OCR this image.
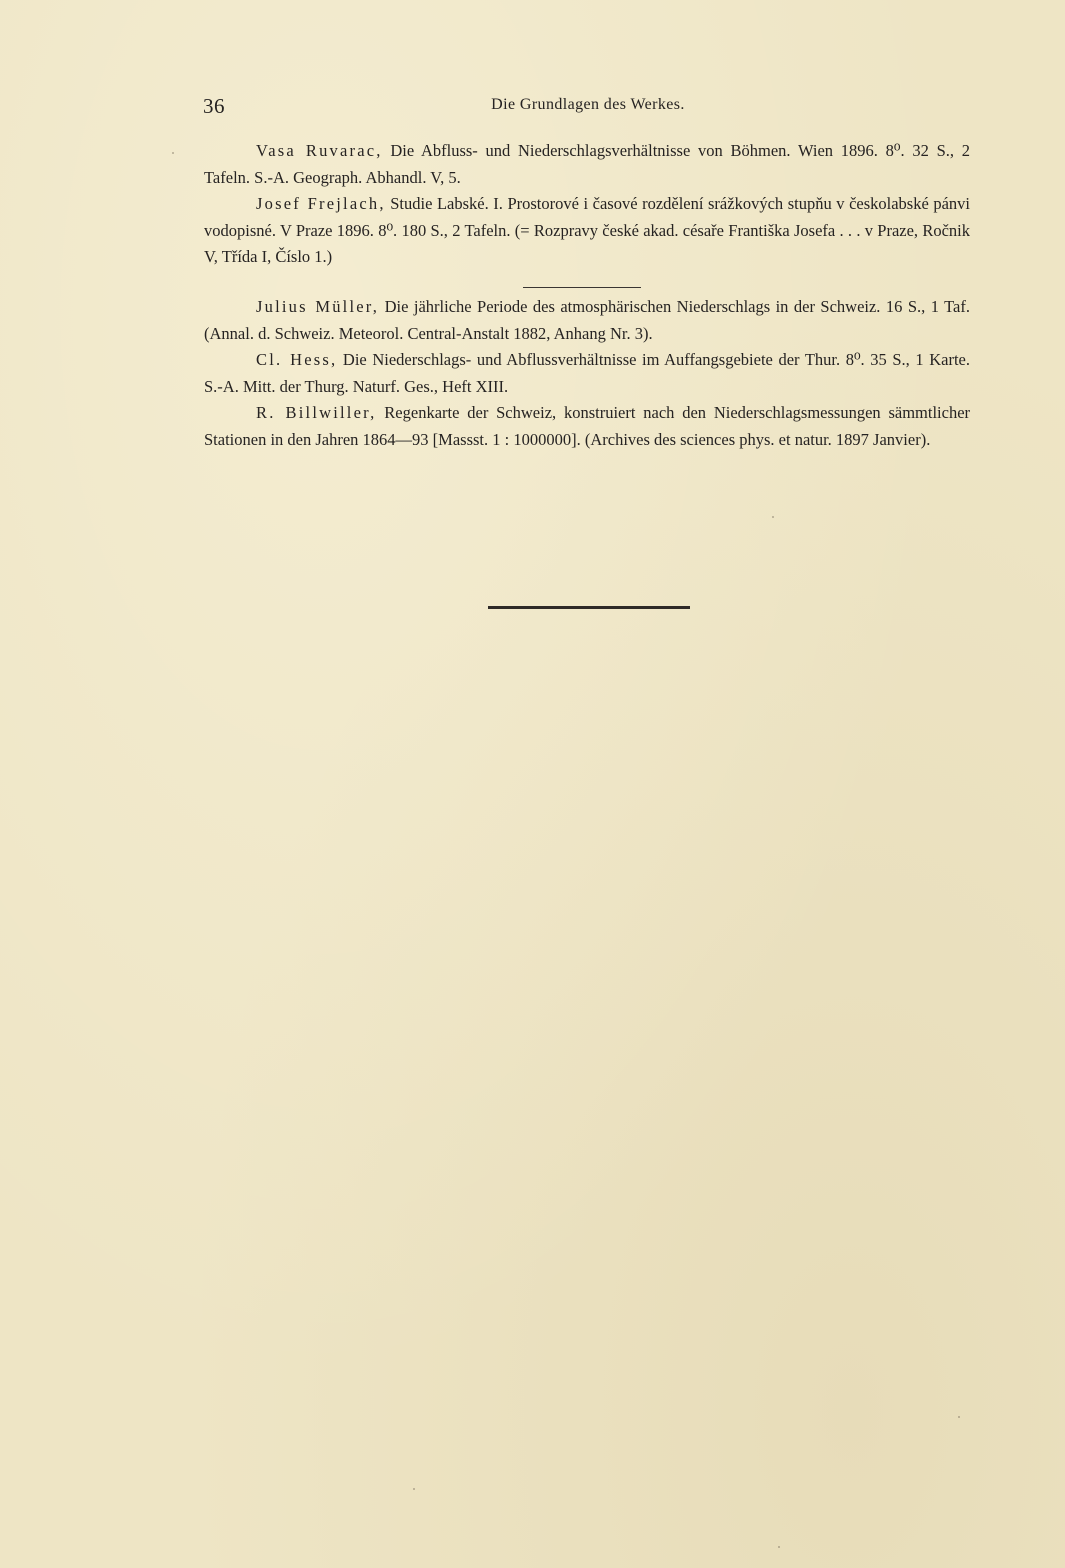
36	Die Grundlagen des Werkes.

Vasa Ruvarac, Die Abfluss- und Niederschlagsverhältnisse von Böhmen. Wien 1896. 8⁰. 32 S., 2 Tafeln. S.-A. Geograph. Abhandl. V, 5.

Josef Frejlach, Studie Labské. I. Prostorové i časové rozdělení srážkových stupňu v českolabské pánvi vodopisné. V Praze 1896. 8⁰. 180 S., 2 Tafeln. (= Rozpravy české akad. césaře Františka Josefa . . . v Praze, Ročnik V, Třída I, Číslo 1.)

Julius Müller, Die jährliche Periode des atmosphärischen Niederschlags in der Schweiz. 16 S., 1 Taf. (Annal. d. Schweiz. Meteorol. Central-Anstalt 1882, Anhang Nr. 3).

Cl. Hess, Die Niederschlags- und Abflussverhältnisse im Auffangsgebiete der Thur. 8⁰. 35 S., 1 Karte. S.-A. Mitt. der Thurg. Naturf. Ges., Heft XIII.

R. Billwiller, Regenkarte der Schweiz, konstruiert nach den Niederschlagsmessungen sämmtlicher Stationen in den Jahren 1864—93 [Massst. 1 : 1000000]. (Archives des sciences phys. et natur. 1897 Janvier).
